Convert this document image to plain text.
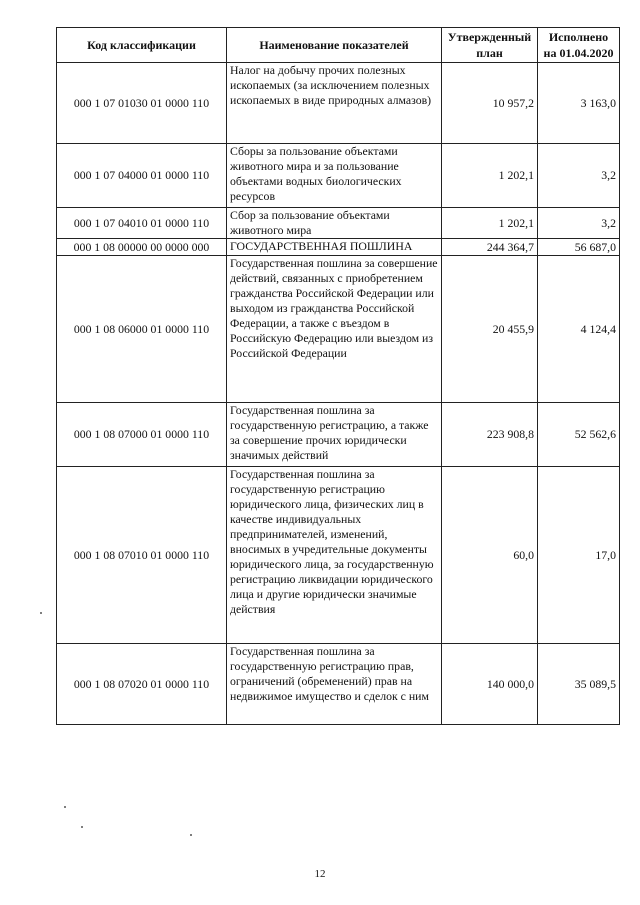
Код классификации	Наименование показателей	Утвержденный план	Исполнено на 01.04.2020
000 1 07 01030 01 0000 110	Налог на добычу прочих полезных ископаемых (за исключением полезных ископаемых в виде природных алмазов)	10 957,2	3 163,0
000 1 07 04000 01 0000 110	Сборы за пользование объектами животного мира и за пользование объектами водных биологических ресурсов	1 202,1	3,2
000 1 07 04010 01 0000 110	Сбор за пользование объектами животного мира	1 202,1	3,2
000 1 08 00000 00 0000 000	ГОСУДАРСТВЕННАЯ ПОШЛИНА	244 364,7	56 687,0
000 1 08 06000 01 0000 110	Государственная пошлина за совершение действий, связанных с приобретением гражданства Российской Федерации или выходом из гражданства Российской Федерации, а также с въездом в Российскую Федерацию или выездом из Российской Федерации	20 455,9	4 124,4
000 1 08 07000 01 0000 110	Государственная пошлина за государственную регистрацию, а также за совершение прочих юридически значимых действий	223 908,8	52 562,6
000 1 08 07010 01 0000 110	Государственная пошлина за государственную регистрацию юридического лица, физических лиц в качестве индивидуальных предпринимателей, изменений, вносимых в учредительные документы юридического лица, за государственную регистрацию ликвидации юридического лица и другие юридически значимые действия	60,0	17,0
000 1 08 07020 01 0000 110	Государственная пошлина за государственную регистрацию прав, ограничений (обременений) прав на недвижимое имущество и сделок с ним	140 000,0	35 089,5
12
